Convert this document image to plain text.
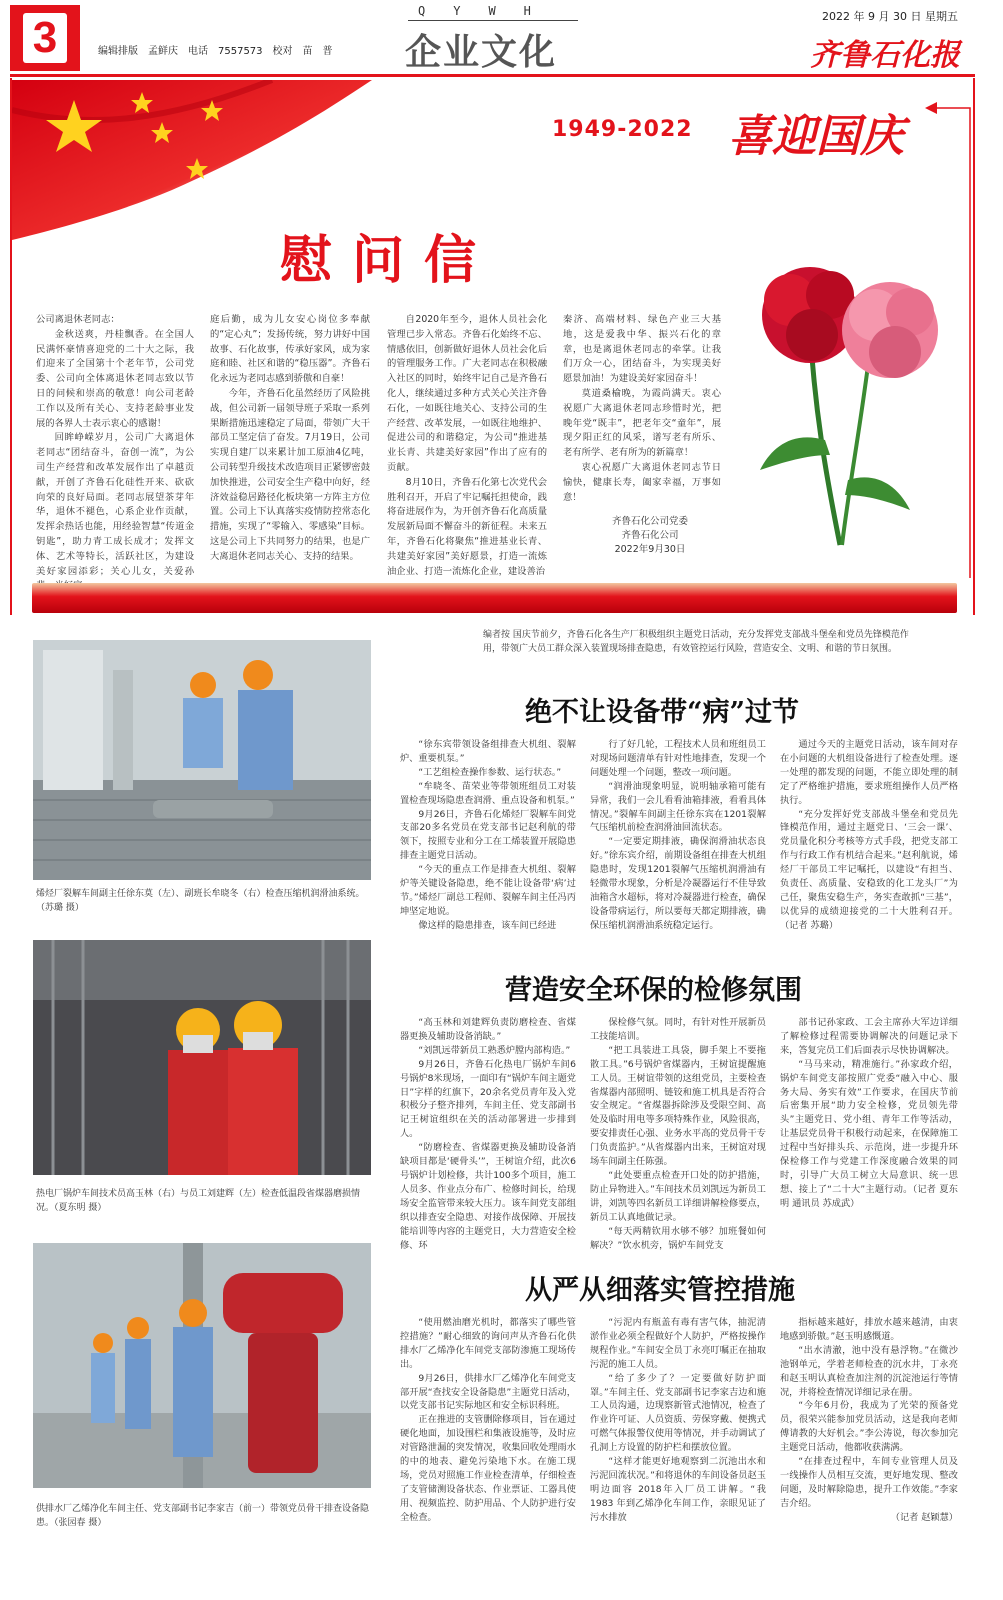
3	编辑排版 孟鲜庆 电话 7557573 校对 苗 普
QYWH
企业文化
2022 年 9 月 30 日 星期五
齐鲁石化报
1949-2022 喜迎国庆
慰问信
公司离退休老同志：

金秋送爽，丹桂飘香。在全国人民满怀豪情喜迎党的二十大之际，我们迎来了全国第十个老年节，公司党委、公司向全体离退休老同志致以节日的问候和崇高的敬意！向公司老龄工作以及所有关心、支持老龄事业发展的各界人士表示衷心的感谢！

回眸峥嵘岁月，公司广大离退休老同志“团结奋斗，奋创一流”，为公司生产经营和改革发展作出了卓越贡献，开创了齐鲁石化硅性开来、砍砍向荣的良好局面。老同志展望茶芽年华，退休不褪色，心系企业作贡献，发挥余热话也能，用经验智慧“传道金钥匙”，助力青工成长成才；发挥文体、艺术等特长，活跃社区，为建设美好家园添彩；关心儿女，关爱孙

庭后勤，成为儿女安心岗位多奉献的“定心丸”；发扬传统，努力讲好中国故事、石化故事，传承好家风，成为家庭和睦、社区和谐的“稳压器”。齐鲁石化永远为老同志感到骄傲和自豪！

今年，齐鲁石化虽然经历了风险挑战，但公司新一届领导班子采取一系列果断措施迅速稳定了局面，带领广大干部员工坚定信了奋发。7月19日，公司实现自建厂以来累计加工原油4亿吨，公司转型升级技术改造项目正紧锣密鼓加快推进，公司安全生产稳中向好，经济效益稳居路径化板块第一方阵主方位置。公司上下认真落实疫情防控常态化措施，实现了“零输入、零感染”目标。这是公司上下共同努力的结果，也是广大离退休老同志关心、支持的结果。

自2020年至今，退休人员社会化管理已步入常态。齐鲁石化始终不忘、情感依旧，创新做好退休人员社会化后的管理服务工作。广大老同志在积极融入社区的同时，始终牢记自己是齐鲁石化人，继续通过多种方式关心关注齐鲁石化，一如既往地关心、支持公司的生产经营、改革发展，一如既往地维护、促进公司的和谐稳定，为公司“推进基业长青、共建美好家园”作出了应有的贡献。

8月10日，齐鲁石化第七次党代会胜利召开，开启了牢记嘱托担使命，践将奋进展作为，为开创齐鲁石化高质量发展新局面不懈奋斗的新征程。未来五年，齐鲁石化将聚焦“推进基业长青、共建美好家园”美好愿景，打造一流炼油企业、打造一流炼化企业，建设善治

秦济、高端材料、绿色产业三大基地，这是爱我中华、振兴石化的章章，也是离退休老同志的牵掌。让我们万众一心，团结奋斗，为实现美好愿景加油！为建设美好家园奋斗！

莫道桑榆晚，为霞尚满天。衷心祝愿广大离退休老同志珍惜时光，把晚年党“既丰”，把老年交“童年”，展现夕阳正红的风采，谱写老有所乐、老有所学、老有所为的新篇章！

衷心祝愿广大离退休老同志节日愉快，健康长寿，阖家幸福，万事如意！

齐鲁石化公司党委
齐鲁石化公司
2022年9月30日
编者按 国庆节前夕，齐鲁石化各生产厂积极组织主题党日活动，充分发挥党支部战斗堡垒和党员先锋模范作用，带领广大员工群众深入装置现场排查隐患，有效管控运行风险，营造安全、文明、和谐的节日氛围。
烯烃厂裂解车间副主任徐东莫（左）、副班长牟晓冬（右）检查压缩机润滑油系统。（苏璐 摄）
热电厂锅炉车间技术员高玉林（右）与员工刘建辉（左）检查低温段省煤器磨损情况。（夏东明 摄）
供排水厂乙烯净化车间主任、党支部副书记李家吉（前一）带领党员骨干排查设备隐患。（张园春 摄）
绝不让设备带“病”过节

“徐东宾带领设备组排查大机组、裂解炉、重要机泵。”

“工艺组检查操作参数、运行状态。”

“牟晓冬、苗荣业等带领班组员工对装置检查现场隐患查润滑、重点设备和机泵。”

9月26日，齐鲁石化烯烃厂裂解车间党支部20多名党员在党支部书记赵利航的带领下，按照专业和分工在工烯装置开展隐患排查主题党日活动。

“今天的重点工作是排查大机组、裂解炉等关键设备隐患，绝不能让设备带‘病’过节。”烯烃厂副总工程师、裂解车间主任冯丙坤坚定地说。

像这样的隐患排查，该车间已经进

行了好几轮，工程技术人员和班组员工对现场问题清单有针对性地排查，发现一个问题处理一个问题，整改一项问题。

“润滑油现象明显，说明轴承箱可能有异常，我们一会儿看看油箱排液，看看具体情况。”裂解车间副主任徐东宾在1201裂解气压缩机前检查润滑油回流状态。

“一定要定期排液，确保润滑油状态良好。”徐东宾介绍，前期设备组在排查大机组隐患时，发现1201裂解气压缩机润滑油有轻微带水现象，分析是冷凝器运行不佳导致油箱含水超标，将对冷凝器进行检查，确保设备带病运行，所以要每天都定期排液，确保压缩机润滑油系统稳定运行。

通过今天的主题党日活动，该车间对存在小问题的大机组设备进行了检查处理。逐一处理的都发现的问题，不能立即处理的制定了严格维护措施，要求班组操作人员严格执行。

“充分发挥好党支部战斗堡垒和党员先锋模范作用，通过主题党日、‘三会一课’、党员量化积分考核等方式手段，把党支部工作与行政工作有机结合起来。”赵利航说，烯烃厂干部员工牢记嘱托，以建设“有担当、负责任、高质量、安稳致的化工龙头厂”为己任，聚焦安稳生产，务实查敢抓“三基”，以优异的成绩迎接党的二十大胜利召开。（记者 苏璐）

营造安全环保的检修氛围

“高玉林和刘建辉负责防磨检查、省煤器更换及辅助设备消缺。”

“刘凯远带新员工熟悉炉膛内部构造。”

9月26日，齐鲁石化热电厂锅炉车间6号锅炉8米现场，一面印有“锅炉车间主题党日”字样的红旗下，20余名党员青年及入党积极分子整齐排列，车间主任、党支部副书记王树谊组织在关的活动部署进一步排到人。

“防磨检查、省煤器更换及辅助设备消缺项目都是‘硬骨头’”，王树谊介绍，此次6号锅炉计划检修，共计100多个项目，施工人员多、作业点分布广、检修时间长，给现场安全监管带来较大压力。该车间党支部组织以排查安全隐患、对接作战保障、开展技能培训等内容的主题党日，大力营造安全检修、环

保检修气氛。同时，有针对性开展新员工技能培训。

“把工具装进工具袋，脚手架上不要拖散工具。”6号锅炉省煤器内，王树谊提醒施工人员。王树谊带领的这组党员，主要检查省煤器内部照明、链铰和施工机具是否符合安全规定。“省煤器拆除涉及受限空间、高处及临时用电等多项特殊作业，风险很高，要安排责任心强、业务水平高的党员骨干专门负责监护。”从省煤器内出来，王树谊对现场车间副主任陈强。

“此处要重点检查开口处的防护措施，防止异物进入。”车间技术员刘凯远为新员工讲，刘凯等四名新员工详细讲解检修要点，新员工认真地做记录。

“每天两精钦用水够不够？加班餐如何解决？”饮水机旁，锅炉车间党支

部书记孙家政、工会主席孙大军边详细了解检修过程需要协调解决的问题记录下来，答复完员工们后面表示尽快协调解决。

“马马来动，精准施行。”孙家政介绍，锅炉车间党支部按照广党委“融入中心、服务大局、务实有效”工作要求，在国庆节前后密集开展“助力安全检修，党员领先带头”主题党日、党小组、青年工作等活动，让基层党员骨干积极行动起来，在保障施工过程中当好排头兵、示范岗，进一步提升环保检修工作与党建工作深度融合效果的同时，引导广大员工树立大局意识、统一思想、接上了“二十大”主题行动。（记者 夏东明 通讯员 苏成武）

从严从细落实管控措施

“使用燃油磨光机时，都落实了哪些管控措施？”耐心细致的询问声从齐鲁石化供排水厂乙烯净化车间党支部防渗施工现场传出。

9月26日，供排水厂乙烯净化车间党支部开展“查找安全设备隐患”主题党日活动，以党支部书记实际地区和安全标识科班。

正在推进的支管删除修项目，旨在通过硬化地面，加设围栏和集液设施等，及时应对管路泄漏的突发情况，收集回收处理雨水的中的地表、避免污染地下水。在施工现场，党员对照施工作业检查清单，仔细检查了支管储测设备状态、作业票证、工器具使用、视频监控、防护用品、个人防护进行安全检查。

“污泥内有瓶盖有毒有害气体，抽泥清淤作业必须全程做好个人防护，严格按操作规程作业。”车间安全员丁永亮叮嘱正在抽取污泥的施工人员。

“给了多少了？一定要做好防护面罩。”车间主任、党支部副书记李家吉边和施工人员沟通，边现察新管式池情况，检查了作业许可证、人员资质、劳保穿戴、便携式可燃气体报警仪使用等情况，并手动调试了孔洞上方设置的防护栏和摆放位置。

“这样才能更好地观察到二沉池出水和污泥回流状况。”和将退休的车间设备员赵玉明边面容 2018年入厂员工讲解。“我 1983 年到乙烯净化车间工作，亲眼见证了污水排放

指标越来越好，排放水越来越清，由衷地感到骄傲。”赵玉明感慨道。

“出水清澈，池中没有悬浮物。”在微沙池钢单元，学着老师检查的沉水井，丁永亮和赵玉明认真检查加注剂的沉淀池运行等情况，并将检查情况详细记录在册。

“今年6月份，我成为了光荣的预备党员，很荣兴能参加党员活动，这是我向老师傅请教的大好机会。”李公涛说，每次参加完主题党日活动，他都收获满满。

“在排查过程中，车间专业管理人员及一线操作人员相互交流，更好地发现、整改问题，及时解除隐患，提升工作效能。”李家吉介绍。

（记者 赵颖慧）
